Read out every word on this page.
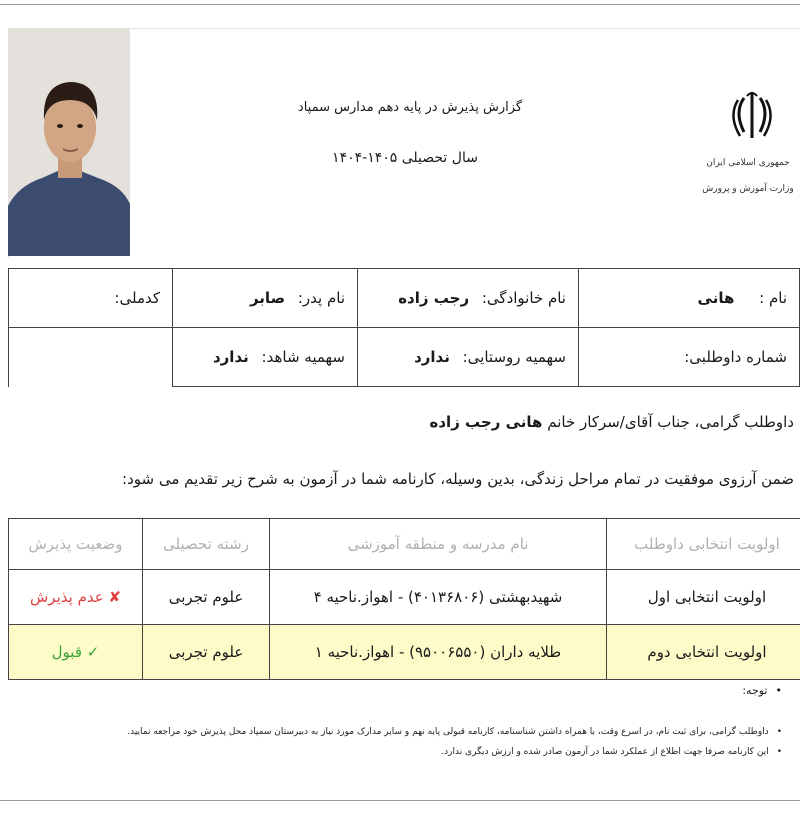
گزارش پذیرش در پایه دهم مدارس سمپاد
سال تحصیلی ۱۴۰۵-۱۴۰۴	جمهوری اسلامی ایران
وزارت آموزش و پرورش
نام : هانی	نام خانوادگی: رجب زاده	نام پدر: صابر	کدملی:
شماره داوطلبی:	سهمیه روستایی: ندارد	سهمیه شاهد: ندارد	
داوطلب گرامی، جناب آقای/سرکار خانم هانی رجب زاده
ضمن آرزوی موفقیت در تمام مراحل زندگی، بدین وسیله، کارنامه شما در آزمون به شرح زیر تقدیم می شود:
اولویت انتخابی داوطلب	نام مدرسه و منطقه آموزشی	رشته تحصیلی	وضعیت پذیرش
اولویت انتخابی اول	شهیدبهشتی (۴۰۱۳۶۸۰۶) - اهواز.ناحیه ۴	علوم تجربی	✘ عدم پذیرش
اولویت انتخابی دوم	طلایه داران (۹۵۰۰۶۵۵۰) - اهواز.ناحیه ۱	علوم تجربی	✓ قبول
• توجه:
• داوطلب گرامی، برای ثبت نام، در اسرع وقت، با همراه داشتن شناسنامه، کارنامه قبولی پایه نهم و سایر مدارک مورد نیاز به دبیرستان سمپاد محل پذیرش خود مراجعه نمایید.
• این کارنامه صرفا جهت اطلاع از عملکرد شما در آزمون صادر شده و ارزش دیگری ندارد.
